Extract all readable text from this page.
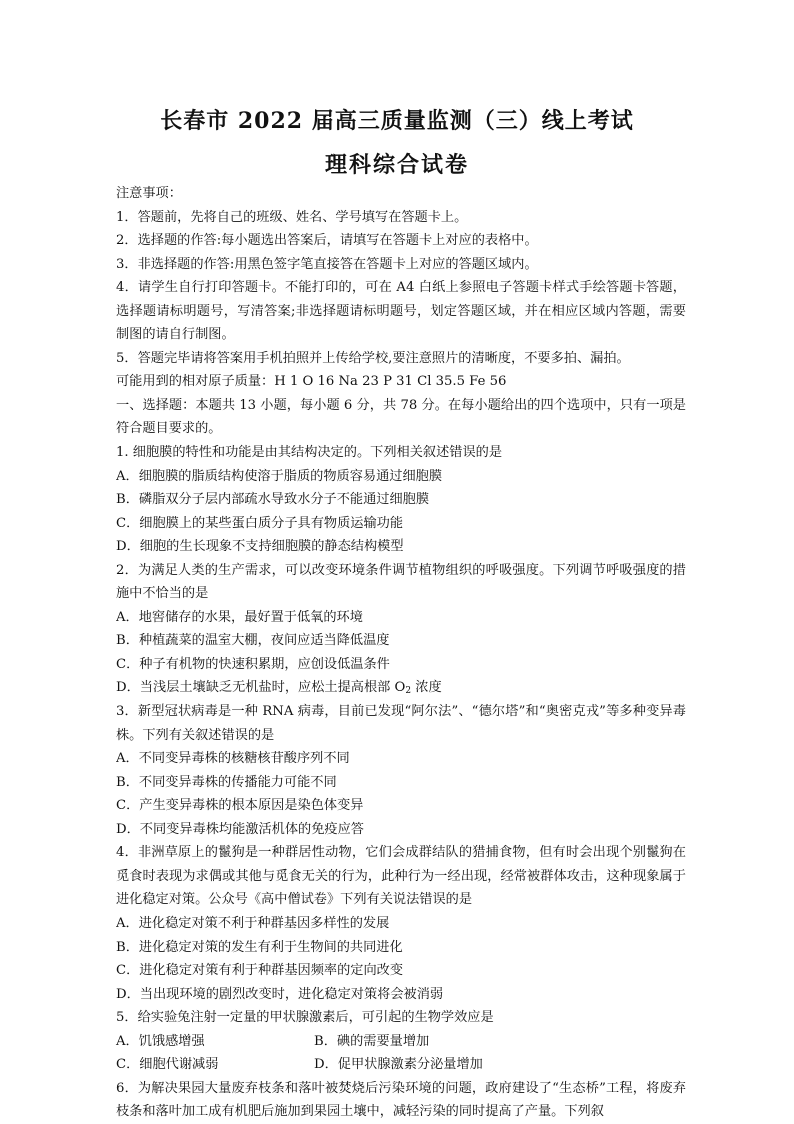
长春市 2022 届高三质量监测（三）线上考试
理科综合试卷
注意事项：
1．答题前，先将自己的班级、姓名、学号填写在答题卡上。
2．选择题的作答:每小题选出答案后，请填写在答题卡上对应的表格中。
3．非选择题的作答:用黑色签字笔直接答在答题卡上对应的答题区域内。
4．请学生自行打印答题卡。不能打印的，可在 A4 白纸上参照电子答题卡样式手绘答题卡答题，选择题请标明题号，写清答案;非选择题请标明题号，划定答题区域，并在相应区域内答题，需要制图的请自行制图。
5．答题完毕请将答案用手机拍照并上传给学校,要注意照片的清晰度，不要多拍、漏拍。
可能用到的相对原子质量：H 1 O 16 Na 23 P 31 Cl 35.5 Fe 56
一、选择题：本题共 13 小题，每小题 6 分，共 78 分。在每小题给出的四个选项中，只有一项是符合题目要求的。
1. 细胞膜的特性和功能是由其结构决定的。下列相关叙述错误的是
A．细胞膜的脂质结构使溶于脂质的物质容易通过细胞膜
B．磷脂双分子层内部疏水导致水分子不能通过细胞膜
C．细胞膜上的某些蛋白质分子具有物质运输功能
D．细胞的生长现象不支持细胞膜的静态结构模型
2．为满足人类的生产需求，可以改变环境条件调节植物组织的呼吸强度。下列调节呼吸强度的措施中不恰当的是
A．地窖储存的水果，最好置于低氧的环境
B．种植蔬菜的温室大棚，夜间应适当降低温度
C．种子有机物的快速积累期，应创设低温条件
D．当浅层土壤缺乏无机盐时，应松土提高根部 $O_2$ 浓度
3．新型冠状病毒是一种 RNA 病毒，目前已发现“阿尔法”、“德尔塔”和“奥密克戎”等多种变异毒株。下列有关叙述错误的是
A．不同变异毒株的核糖核苷酸序列不同
B．不同变异毒株的传播能力可能不同
C．产生变异毒株的根本原因是染色体变异
D．不同变异毒株均能激活机体的免疫应答
4．非洲草原上的鬣狗是一种群居性动物，它们会成群结队的猎捕食物，但有时会出现个别鬣狗在觅食时表现为求偶或其他与觅食无关的行为，此种行为一经出现，经常被群体攻击，这种现象属于进化稳定对策。公众号《高中僧试卷》下列有关说法错误的是
A．进化稳定对策不利于种群基因多样性的发展
B．进化稳定对策的发生有利于生物间的共同进化
C．进化稳定对策有利于种群基因频率的定向改变
D．当出现环境的剧烈改变时，进化稳定对策将会被消弱
5．给实验兔注射一定量的甲状腺激素后，可引起的生物学效应是
A．饥饿感增强	B．碘的需要量增加
C．细胞代谢减弱	D．促甲状腺激素分泌量增加
6．为解决果园大量废弃枝条和落叶被焚烧后污染环境的问题，政府建设了“生态桥”工程，将废弃枝条和落叶加工成有机肥后施加到果园土壤中，减轻污染的同时提高了产量。下列叙
